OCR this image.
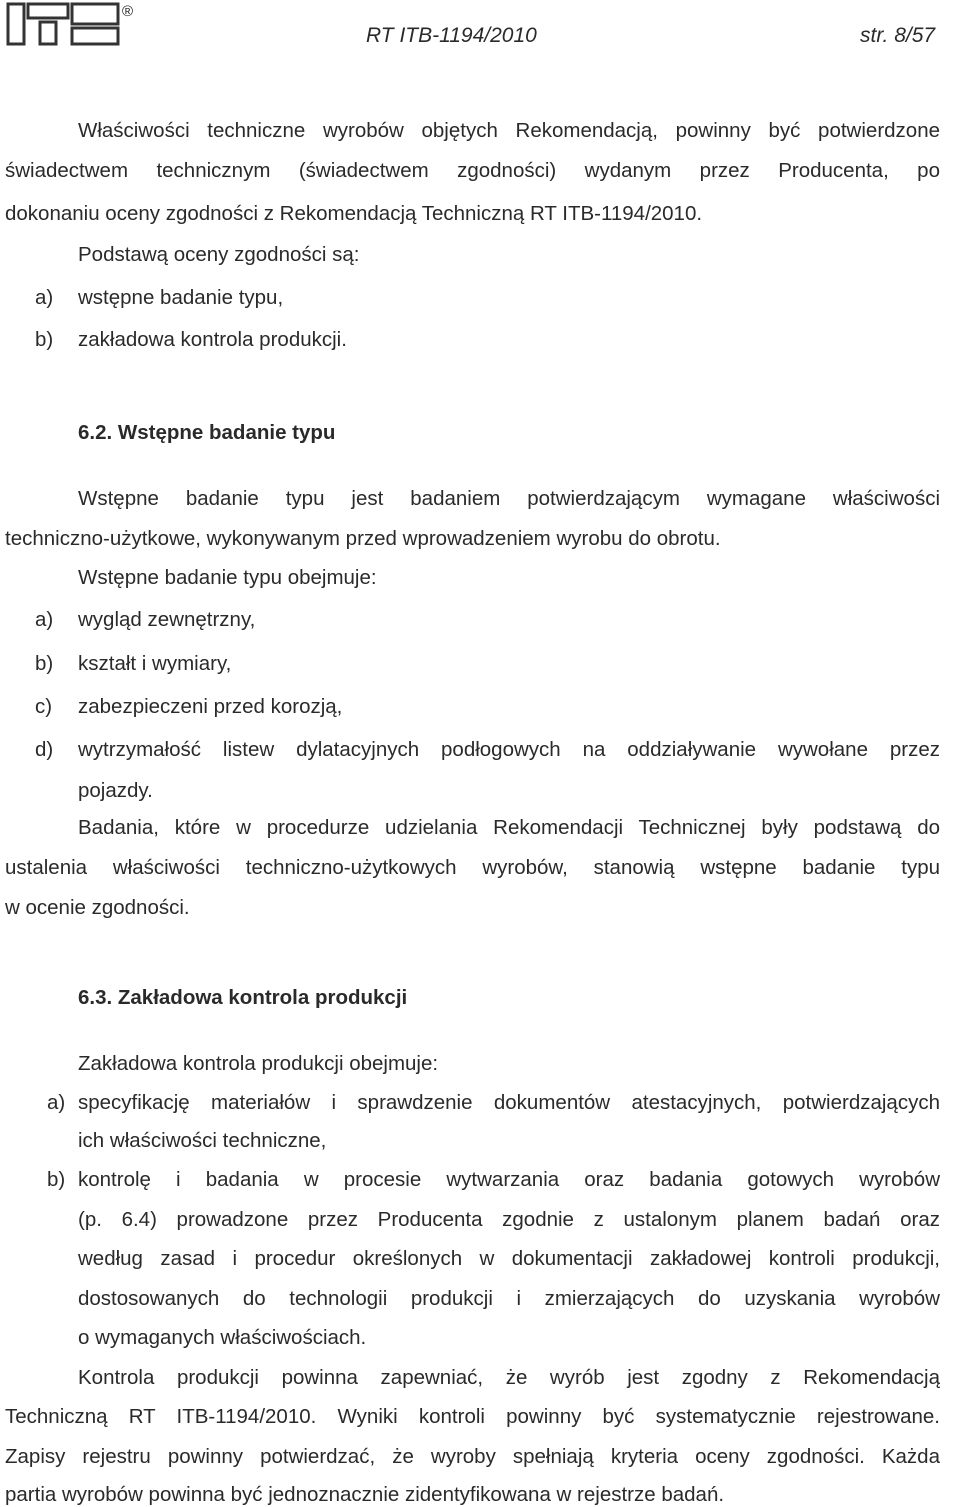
®
RT ITB-1194/2010	str. 8/57
Właściwości techniczne wyrobów objętych Rekomendacją, powinny być potwierdzone
świadectwem technicznym (świadectwem zgodności) wydanym przez Producenta, po
dokonaniu oceny zgodności z Rekomendacją Techniczną RT ITB-1194/2010.
Podstawą oceny zgodności są:
a) wstępne badanie typu,
b) zakładowa kontrola produkcji.
6.2. Wstępne badanie typu
Wstępne badanie typu jest badaniem potwierdzającym wymagane właściwości
techniczno-użytkowe, wykonywanym przed wprowadzeniem wyrobu do obrotu.
Wstępne badanie typu obejmuje:
a) wygląd zewnętrzny,
b) kształt i wymiary,
c) zabezpieczeni przed korozją,
d) wytrzymałość listew dylatacyjnych podłogowych na oddziaływanie wywołane przez
pojazdy.
Badania, które w procedurze udzielania Rekomendacji Technicznej były podstawą do
ustalenia właściwości techniczno-użytkowych wyrobów, stanowią wstępne badanie typu
w ocenie zgodności.
6.3. Zakładowa kontrola produkcji
Zakładowa kontrola produkcji obejmuje:
a) specyfikację materiałów i sprawdzenie dokumentów atestacyjnych, potwierdzających
ich właściwości techniczne,
b) kontrolę i badania w procesie wytwarzania oraz badania gotowych wyrobów
(p. 6.4) prowadzone przez Producenta zgodnie z ustalonym planem badań oraz
według zasad i procedur określonych w dokumentacji zakładowej kontroli produkcji,
dostosowanych do technologii produkcji i zmierzających do uzyskania wyrobów
o wymaganych właściwościach.
Kontrola produkcji powinna zapewniać, że wyrób jest zgodny z Rekomendacją
Techniczną RT ITB-1194/2010. Wyniki kontroli powinny być systematycznie rejestrowane.
Zapisy rejestru powinny potwierdzać, że wyroby spełniają kryteria oceny zgodności. Każda
partia wyrobów powinna być jednoznacznie zidentyfikowana w rejestrze badań.
